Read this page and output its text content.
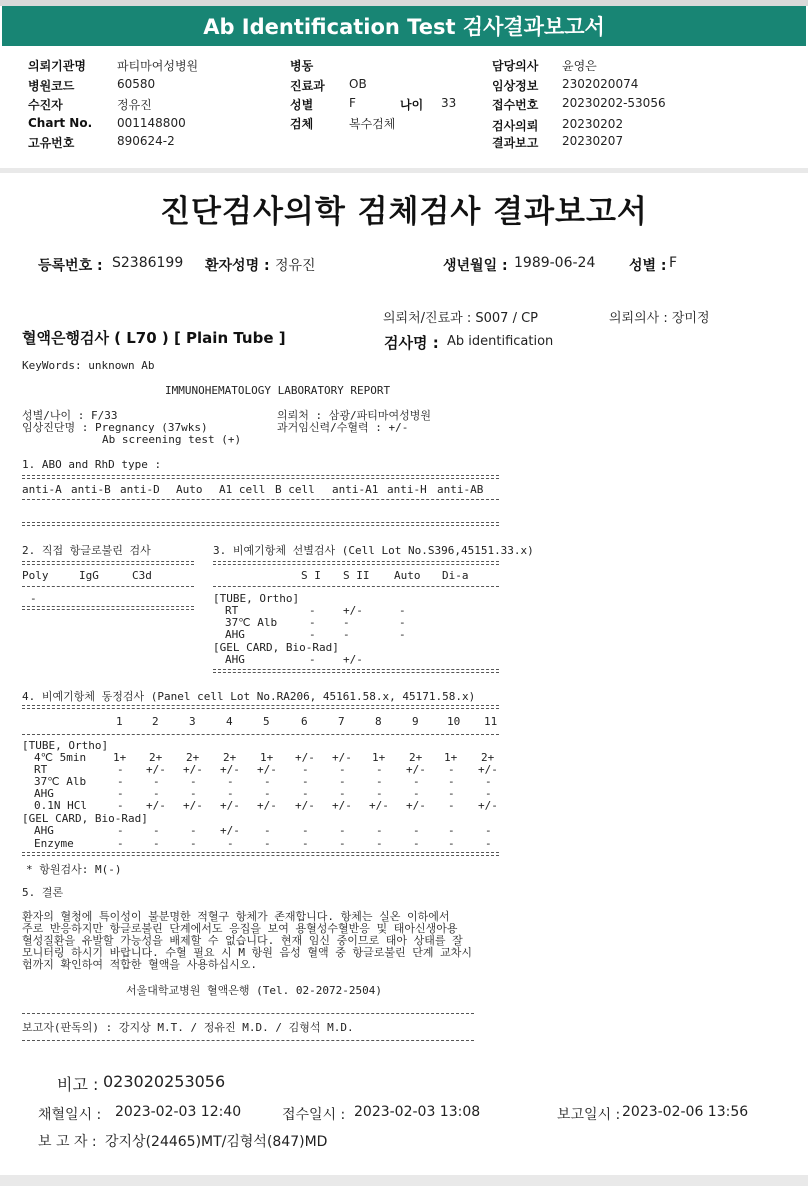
Ab Identification Test 검사결과보고서
의뢰기관명	파티마여성병원
병원코드	60580
수진자	정유진
Chart No. 001148800
고유번호	890624-2
병동
진료과 OB
성별	F	나이 33
검체	복수검체
담당의사 윤영은
임상정보 2302020074
접수번호 20230202-53056
검사의뢰 20230202
결과보고 20230207
진단검사의학 검체검사 결과보고서
등록번호 : S2386199 환자성명 : 정유진	생년월일 : 1989-06-24 성별 : F
의뢰처/진료과 : S007 / CP	의뢰의사 : 장미정
혈액은행검사 ( L70 ) [ Plain Tube ]	검사명 : Ab identification
KeyWords: unknown Ab
IMMUNOHEMATOLOGY LABORATORY REPORT
성별/나이 : F/33	의뢰처 : 삼광/파티마여성병원
임상진단명 : Pregnancy (37wks)	과거임신력/수혈력 : +/-
Ab screening test (+)
1. ABO and RhD type :
anti-A anti-B anti-D Auto A1 cell B cell anti-A1 anti-H anti-AB
2. 직접 항글로불린 검사
Poly	IgG	C3d
-
3. 비예기항체 선별검사 (Cell Lot No.S396,45151.33.x)
S I S II Auto Di-a
[TUBE, Ortho]
RT	- +/-	-
37℃ Alb	- -	-
AHG	- -	-
[GEL CARD, Bio-Rad]
AHG	- +/-
4. 비예기항체 동정검사 (Panel cell Lot No.RA206, 45161.58.x, 45171.58.x)
1	2	3	4	5	6	7	8	9	10 11
[TUBE, Ortho]
4℃ 5min 1+ 2+ 2+ 2+ 1+ +/- +/- 1+ 2+ 1+ 2+
RT	- +/- +/- +/- +/- -	-	- +/- - +/-
37℃ Alb	-	-	-	-	-	-	-	-	-	-	-
AHG	-	-	-	-	-	-	-	-	-	-	-
0.1N HCl	- +/- +/- +/- +/- +/- +/- +/- +/- - +/-
[GEL CARD, Bio-Rad]
AHG	-	-	- +/- -	-	-	-	-	-	-
Enzyme	-	-	-	-	-	-	-	-	-	-	-
* 항원검사: M(-)
5. 결론
환자의 혈청에 특이성이 불분명한 적혈구 항체가 존재합니다. 항체는 실온 이하에서
주로 반응하지만 항글로불린 단계에서도 응집을 보여 용혈성수혈반응 및 태아신생아용
혈성질환을 유발할 가능성을 배제할 수 없습니다. 현재 임신 중이므로 태아 상태를 잘
모니터링 하시기 바랍니다. 수혈 필요 시 M 항원 음성 혈액 중 항글로불린 단계 교차시
험까지 확인하여 적합한 혈액을 사용하십시오.
서울대학교병원 혈액은행 (Tel. 02-2072-2504)
보고자(판독의) : 강지상 M.T. / 정유진 M.D. / 김형석 M.D.
비고 : 023020253056
채혈일시 : 2023-02-03 12:40	접수일시 : 2023-02-03 13:08	보고일시 : 2023-02-06 13:56
보 고 자 : 강지상(24465)MT/김형석(847)MD
